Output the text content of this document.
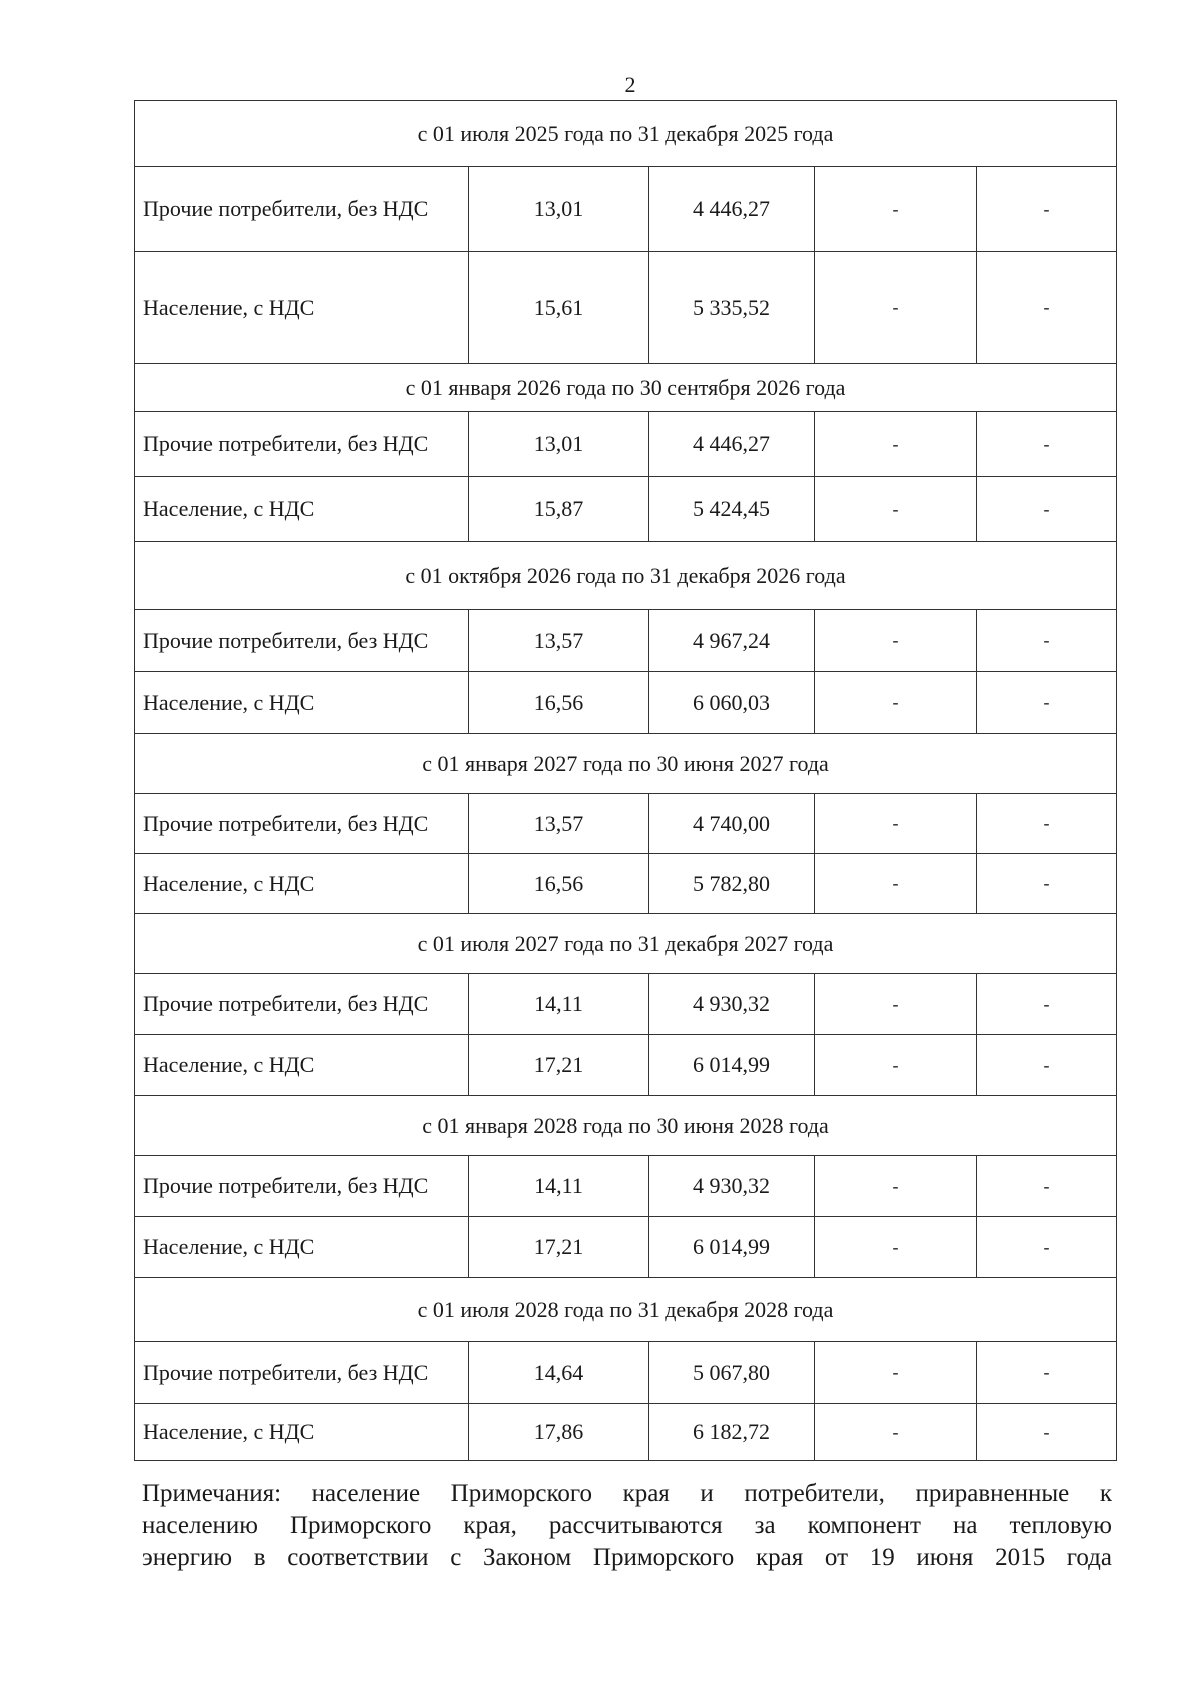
2
с 01 июля 2025 года по 31 декабря 2025 года				
Прочие потребители, без НДС	13,01	4 446,27	-	-
Население, с НДС	15,61	5 335,52	-	-
с 01 января 2026 года по 30 сентября 2026 года				
Прочие потребители, без НДС	13,01	4 446,27	-	-
Население, с НДС	15,87	5 424,45	-	-
с 01 октября 2026 года по 31 декабря 2026 года				
Прочие потребители, без НДС	13,57	4 967,24	-	-
Население, с НДС	16,56	6 060,03	-	-
с 01 января 2027 года по 30 июня 2027 года				
Прочие потребители, без НДС	13,57	4 740,00	-	-
Население, с НДС	16,56	5 782,80	-	-
с 01 июля 2027 года по 31 декабря 2027 года				
Прочие потребители, без НДС	14,11	4 930,32	-	-
Население, с НДС	17,21	6 014,99	-	-
с 01 января 2028 года по 30 июня 2028 года				
Прочие потребители, без НДС	14,11	4 930,32	-	-
Население, с НДС	17,21	6 014,99	-	-
с 01 июля 2028 года по 31 декабря 2028 года				
Прочие потребители, без НДС	14,64	5 067,80	-	-
Население, с НДС	17,86	6 182,72	-	-
Примечания: население Приморского края и потребители, приравненные к
населению Приморского края, рассчитываются за компонент на тепловую
энергию в соответствии с Законом Приморского края от 19 июня 2015 года
